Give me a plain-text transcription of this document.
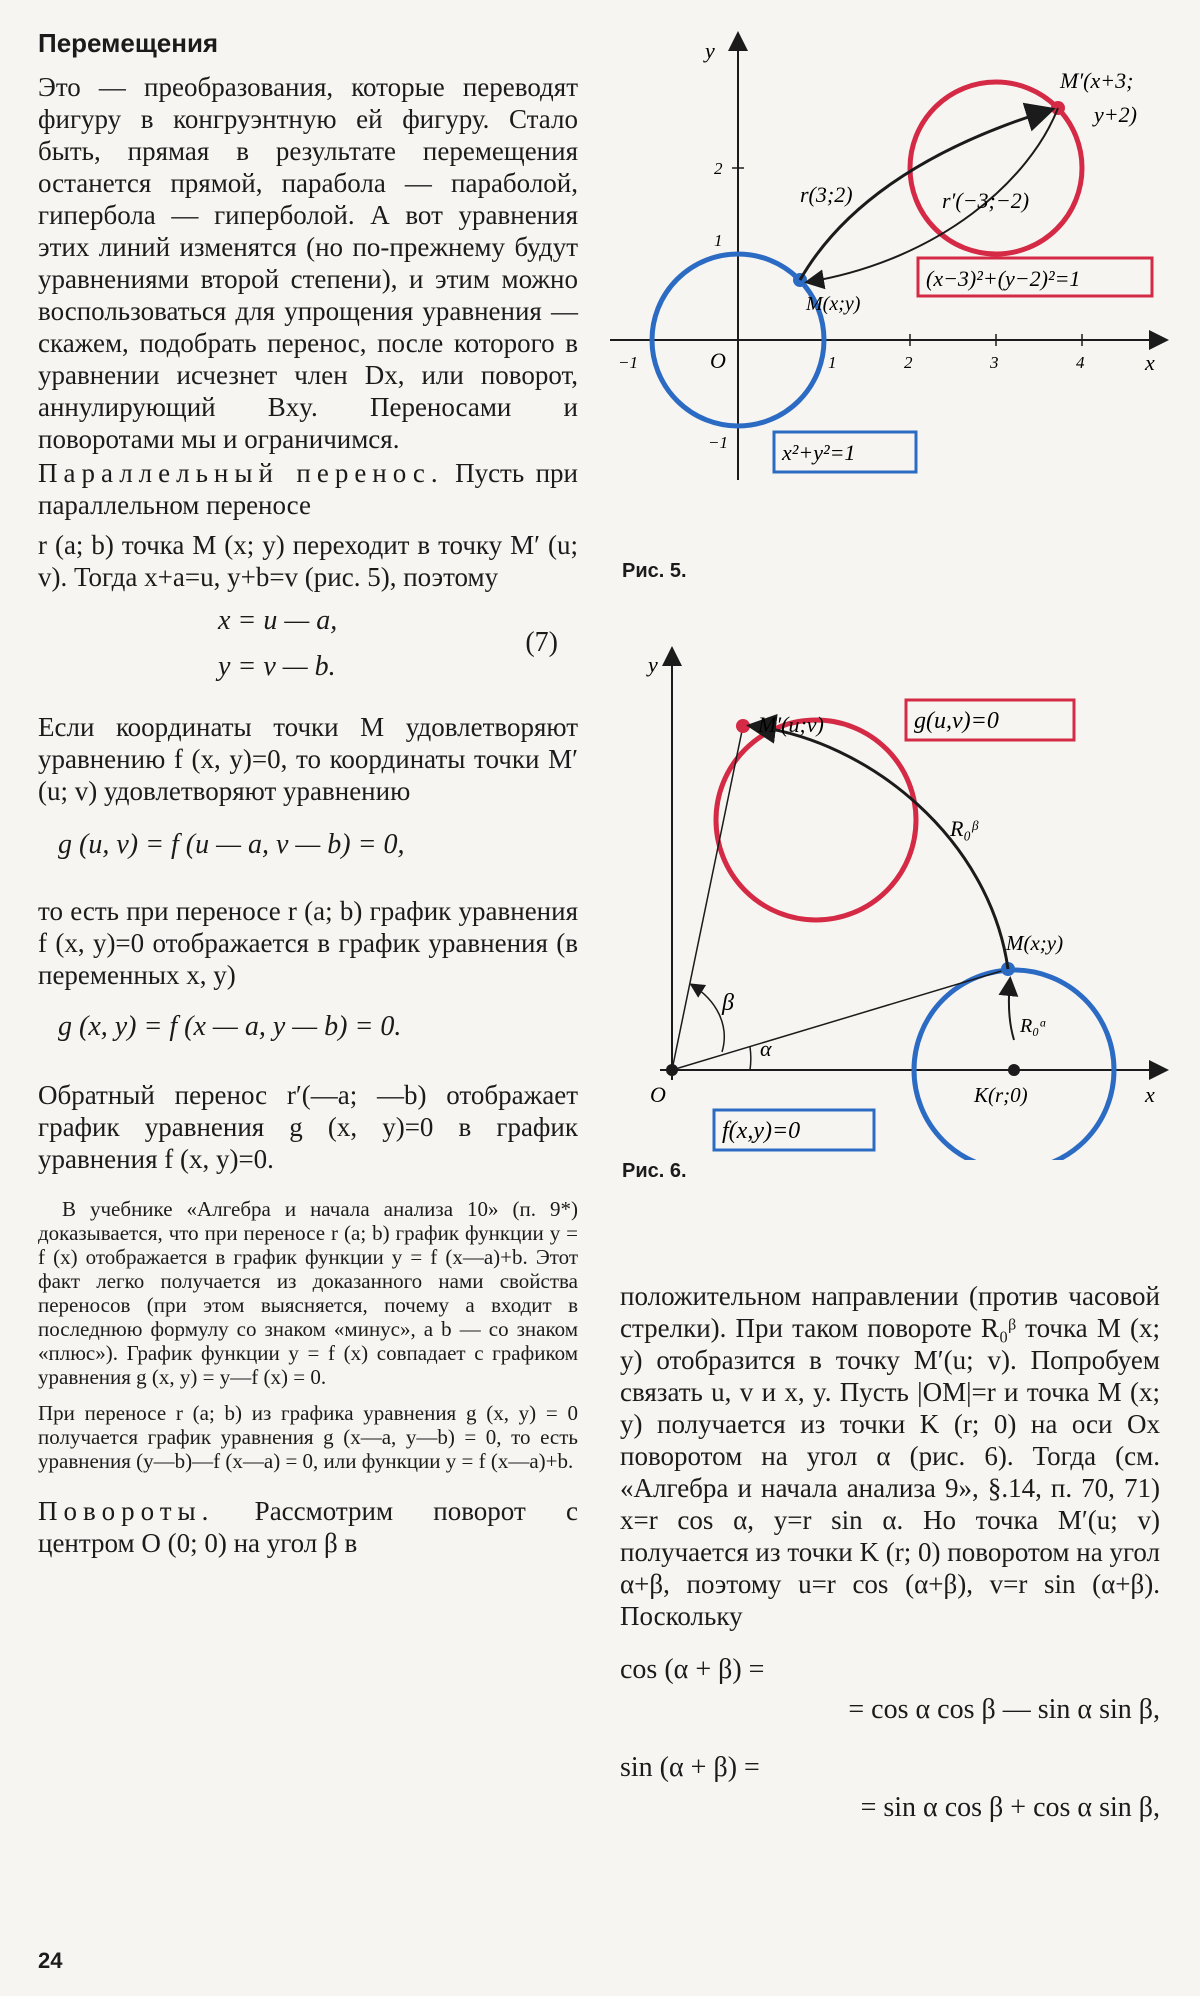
Перемещения

Это — преобразования, которые переводят фигуру в конгруэнтную ей фигуру. Стало быть, прямая в результате перемещения останется прямой, парабола — параболой, гипербола — гиперболой. А вот уравнения этих линий изменятся (но по-прежнему будут уравнениями второй степени), и этим можно воспользоваться для упрощения уравнения — скажем, подобрать перенос, после которого в уравнении исчезнет член Dx, или поворот, аннулирующий Bxy. Переносами и поворотами мы и ограничимся.

Параллельный перенос. Пусть при параллельном переносе

r (a; b) точка M (x; y) переходит в точку M′ (u; v). Тогда x+a=u, y+b=v (рис. 5), поэтому

x = u — a,
y = v — b.
(7)

Если координаты точки M удовлетворяют уравнению f (x, y)=0, то координаты точки M′ (u; v) удовлетворяют уравнению

g (u, v) = f (u — a, v — b) = 0,

то есть при переносе r (a; b) график уравнения f (x, y)=0 отображается в график уравнения (в переменных x, y)

g (x, y) = f (x — a, y — b) = 0.

Обратный перенос r′(—a; —b) отображает график уравнения g (x, y)=0 в график уравнения f (x, y)=0.

В учебнике «Алгебра и начала анализа 10» (п. 9*) доказывается, что при переносе r (a; b) график функции y = f (x) отображается в график функции y = f (x—a)+b. Этот факт легко получается из доказанного нами свойства переносов (при этом выясняется, почему a входит в последнюю формулу со знаком «минус», а b — со знаком «плюс»). График функции y = f (x) совпадает с графиком уравнения g (x, y) = y—f (x) = 0.

При переносе r (a; b) из графика уравнения g (x, y) = 0 получается график уравнения g (x—a, y—b) = 0, то есть уравнения (y—b)—f (x—a) = 0, или функции y = f (x—a)+b.

Повороты. Рассмотрим поворот с центром O (0; 0) на угол β в

положительном направлении (против часовой стрелки). При таком повороте R₀ᵝ точка M (x; y) отобразится в точку M′(u; v). Попробуем связать u, v и x, y. Пусть |OM|=r и точка M (x; y) получается из точки K (r; 0) на оси Ox поворотом на угол α (рис. 6). Тогда (см. «Алгебра и начала анализа 9», §.14, п. 70, 71) x=r cos α, y=r sin α. Но точка M′(u; v) получается из точки K (r; 0) поворотом на угол α+β, поэтому u=r cos (α+β), v=r sin (α+β). Поскольку

cos (α + β) =
= cos α cos β — sin α sin β,
sin (α + β) =
= sin α cos β + cos α sin β,
y
x
O
−1	1	2	3	4
2
1
−1
M′(x+3;
y+2)
r(3;2)	r′(−3;−2)
M(x;y)
(x−3)²+(y−2)²=1
x²+y²=1
Рис. 5.
y
x
O
M′(u;v)	g(u,v)=0
R₀ᵝ
M(x;y)
β
α
R₀ᵅ
K(r;0)
f(x,y)=0
Рис. 6.
24
